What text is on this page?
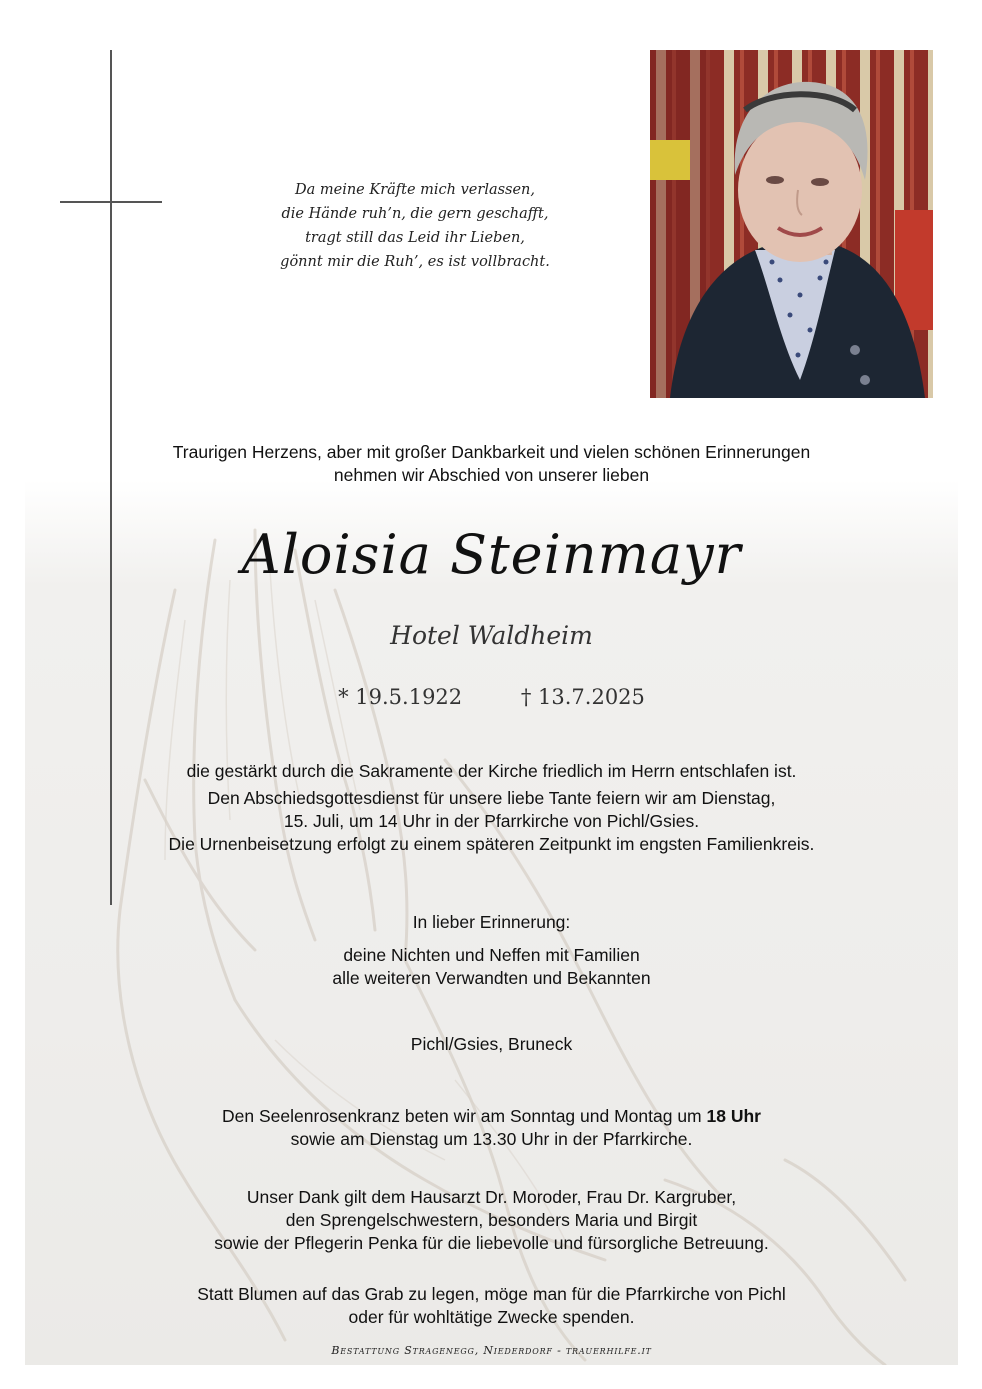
Da meine Kräfte mich verlassen,
die Hände ruh’n, die gern geschafft,
tragt still das Leid ihr Lieben,
gönnt mir die Ruh’, es ist vollbracht.
Traurigen Herzens, aber mit großer Dankbarkeit und vielen schönen Erinnerungen
nehmen wir Abschied von unserer lieben
Aloisia Steinmayr
Hotel Waldheim
* 19.5.1922	† 13.7.2025
die gestärkt durch die Sakramente der Kirche friedlich im Herrn entschlafen ist.
Den Abschiedsgottesdienst für unsere liebe Tante feiern wir am Dienstag,
15. Juli, um 14 Uhr in der Pfarrkirche von Pichl/Gsies.
Die Urnenbeisetzung erfolgt zu einem späteren Zeitpunkt im engsten Familienkreis.
In lieber Erinnerung:
deine Nichten und Neffen mit Familien
alle weiteren Verwandten und Bekannten
Pichl/Gsies, Bruneck
Den Seelenrosenkranz beten wir am Sonntag und Montag um 18 Uhr
sowie am Dienstag um 13.30 Uhr in der Pfarrkirche.
Unser Dank gilt dem Hausarzt Dr. Moroder, Frau Dr. Kargruber,
den Sprengelschwestern, besonders Maria und Birgit
sowie der Pflegerin Penka für die liebevolle und fürsorgliche Betreuung.
Statt Blumen auf das Grab zu legen, möge man für die Pfarrkirche von Pichl
oder für wohltätige Zwecke spenden.
Bestattung Stragenegg, Niederdorf - trauerhilfe.it
